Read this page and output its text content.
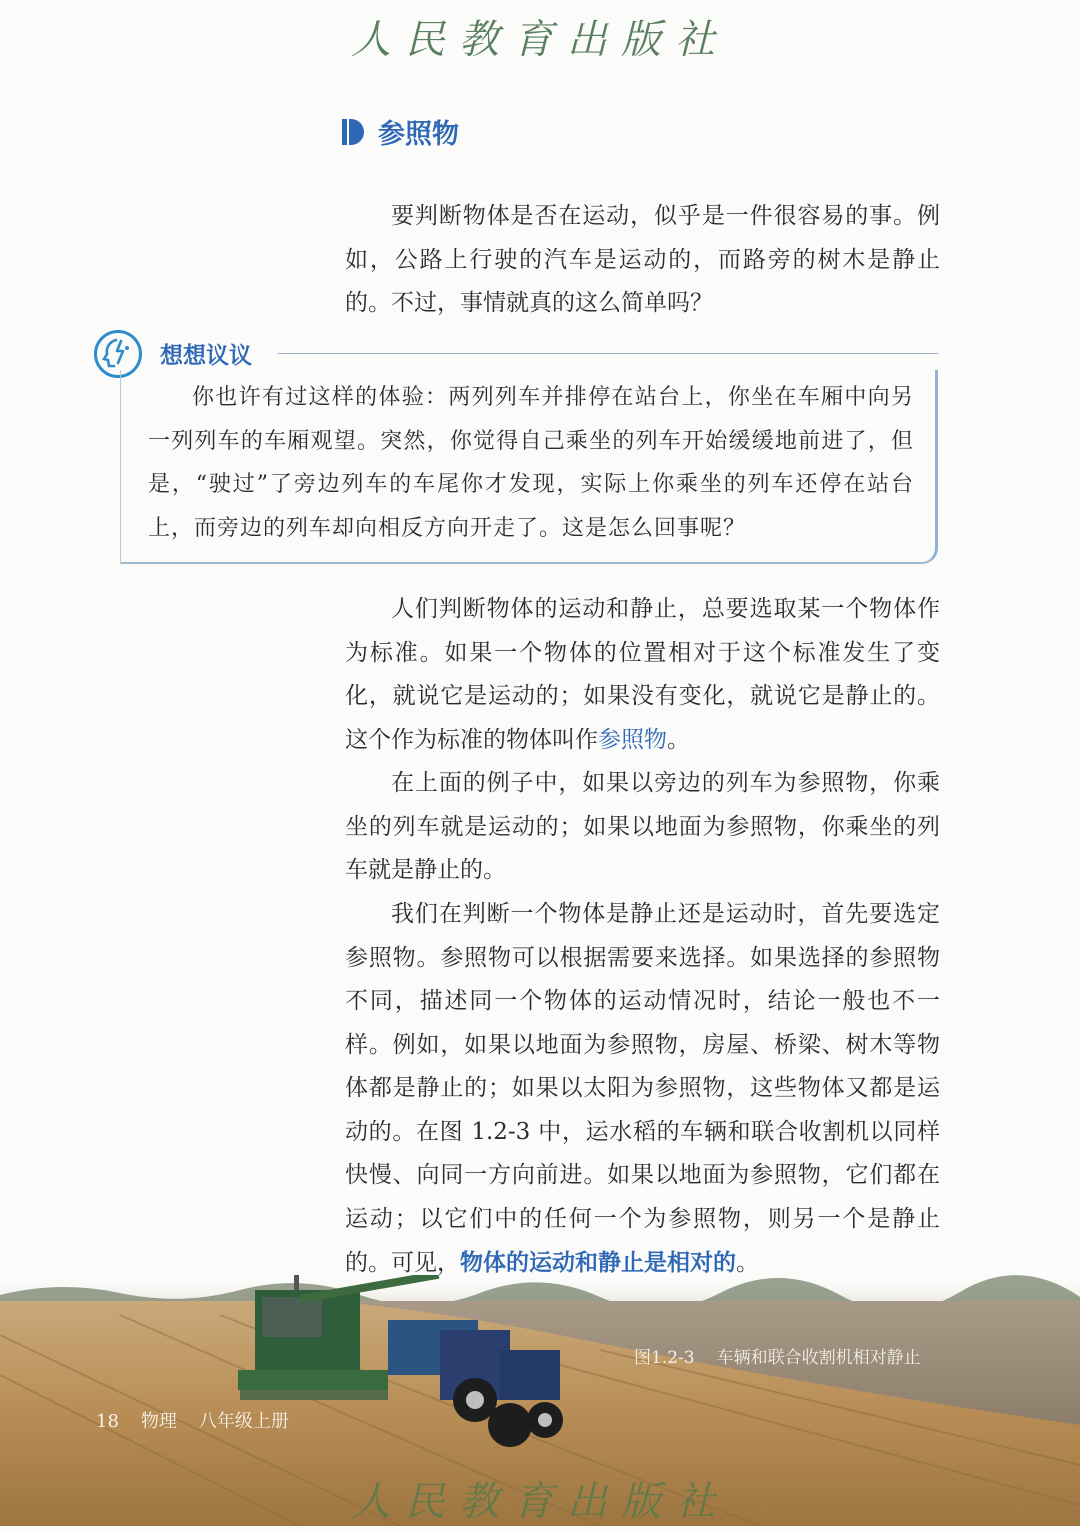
人民教育出版社
参照物

要判断物体是否在运动，似乎是一件很容易的事。例如，公路上行驶的汽车是运动的，而路旁的树木是静止的。不过，事情就真的这么简单吗？

想想议议

你也许有过这样的体验：两列列车并排停在站台上，你坐在车厢中向另一列列车的车厢观望。突然，你觉得自己乘坐的列车开始缓缓地前进了，但是，“驶过”了旁边列车的车尾你才发现，实际上你乘坐的列车还停在站台上，而旁边的列车却向相反方向开走了。这是怎么回事呢？

人们判断物体的运动和静止，总要选取某一个物体作为标准。如果一个物体的位置相对于这个标准发生了变化，就说它是运动的；如果没有变化，就说它是静止的。这个作为标准的物体叫作参照物。

在上面的例子中，如果以旁边的列车为参照物，你乘坐的列车就是运动的；如果以地面为参照物，你乘坐的列车就是静止的。

我们在判断一个物体是静止还是运动时，首先要选定参照物。参照物可以根据需要来选择。如果选择的参照物不同，描述同一个物体的运动情况时，结论一般也不一样。例如，如果以地面为参照物，房屋、桥梁、树木等物体都是静止的；如果以太阳为参照物，这些物体又都是运动的。在图 1.2-3 中，运水稻的车辆和联合收割机以同样快慢、向同一方向前进。如果以地面为参照物，它们都在运动；以它们中的任何一个为参照物，则另一个是静止的。可见，物体的运动和静止是相对的。

图1.2-3 车辆和联合收割机相对静止
18 物理 八年级上册
人民教育出版社
